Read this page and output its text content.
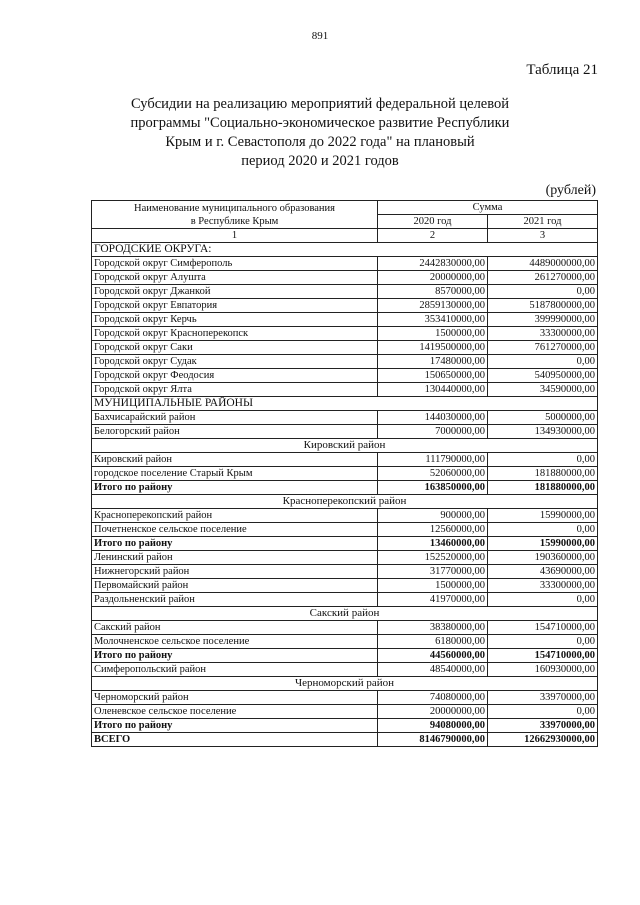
891
Таблица 21
Субсидии на реализацию мероприятий федеральной целевой
программы "Социально-экономическое развитие Республики
Крым и г. Севастополя до 2022 года" на плановый
период 2020 и 2021 годов
(рублей)
Наименование муниципального образования
в Республике Крым	Сумма	
	2020 год	2021 год
1	2	3
ГОРОДСКИЕ ОКРУГА:		
Городской округ Симферополь	2442830000,00	4489000000,00
Городской округ Алушта	20000000,00	261270000,00
Городской округ Джанкой	8570000,00	0,00
Городской округ Евпатория	2859130000,00	5187800000,00
Городской округ Керчь	353410000,00	399990000,00
Городской округ Красноперекопск	1500000,00	33300000,00
Городской округ Саки	1419500000,00	761270000,00
Городской округ Судак	17480000,00	0,00
Городской округ Феодосия	150650000,00	540950000,00
Городской округ Ялта	130440000,00	34590000,00
МУНИЦИПАЛЬНЫЕ РАЙОНЫ		
Бахчисарайский район	144030000,00	5000000,00
Белогорский район	7000000,00	134930000,00
Кировский район		
Кировский район	111790000,00	0,00
городское поселение Старый Крым	52060000,00	181880000,00
Итого по району	163850000,00	181880000,00
Красноперекопский район		
Красноперекопский район	900000,00	15990000,00
Почетненское сельское поселение	12560000,00	0,00
Итого по району	13460000,00	15990000,00
Ленинский район	152520000,00	190360000,00
Нижнегорский район	31770000,00	43690000,00
Первомайский район	1500000,00	33300000,00
Раздольненский район	41970000,00	0,00
Сакский район		
Сакский район	38380000,00	154710000,00
Молочненское сельское поселение	6180000,00	0,00
Итого по району	44560000,00	154710000,00
Симферопольский район	48540000,00	160930000,00
Черноморский район		
Черноморский район	74080000,00	33970000,00
Оленевское сельское поселение	20000000,00	0,00
Итого по району	94080000,00	33970000,00
ВСЕГО	8146790000,00	12662930000,00
